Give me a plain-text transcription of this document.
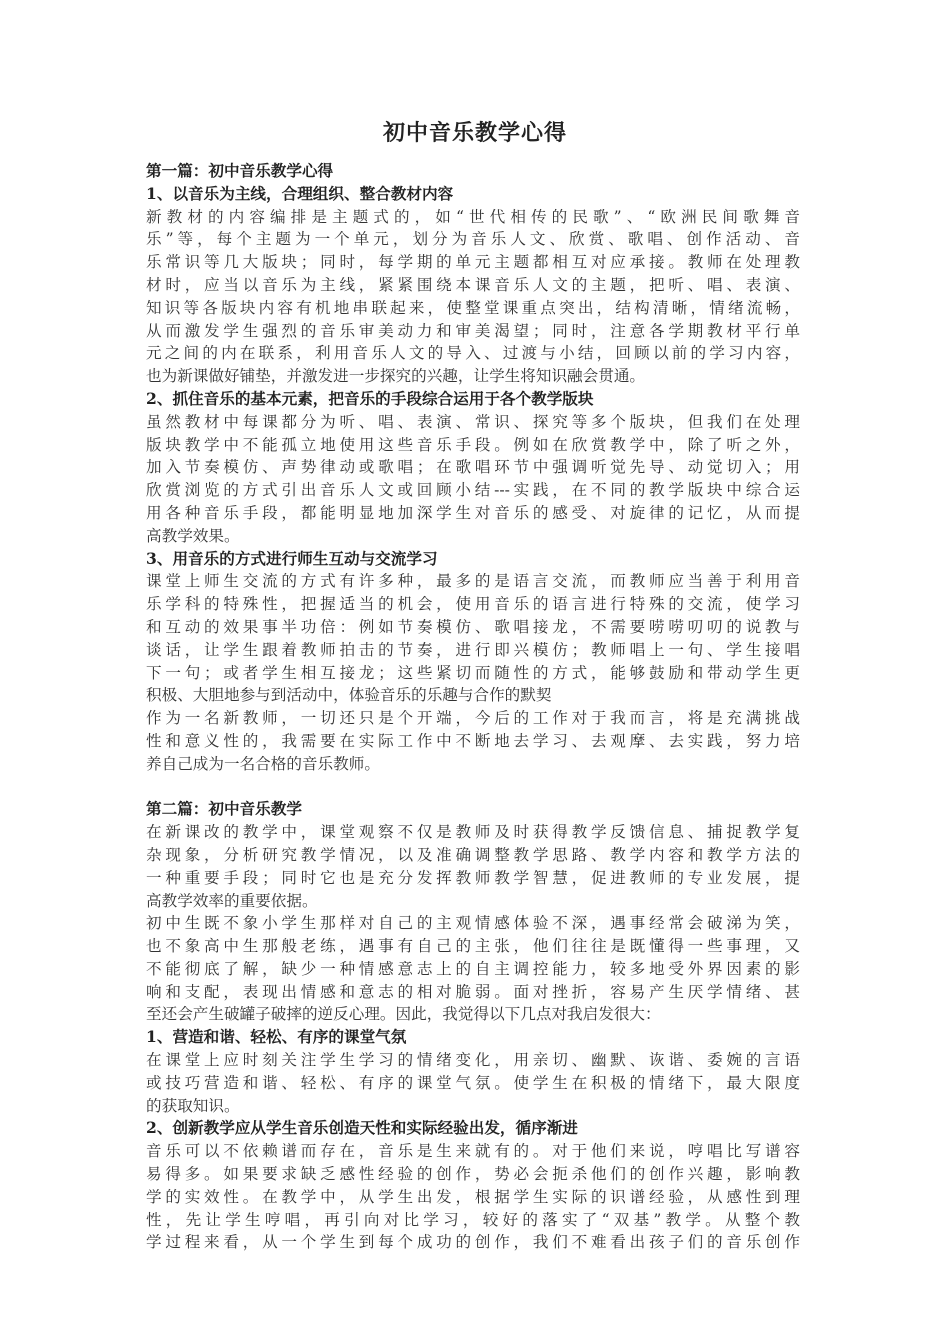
初中音乐教学心得
第一篇：初中音乐教学心得
1、以音乐为主线，合理组织、整合教材内容
新教材的内容编排是主题式的，如“世代相传的民歌”、“欧洲民间歌舞音
乐”等，每个主题为一个单元，划分为音乐人文、欣赏、歌唱、创作活动、音
乐常识等几大版块；同时，每学期的单元主题都相互对应承接。教师在处理教
材时，应当以音乐为主线，紧紧围绕本课音乐人文的主题，把听、唱、表演、
知识等各版块内容有机地串联起来，使整堂课重点突出，结构清晰，情绪流畅，
从而激发学生强烈的音乐审美动力和审美渴望；同时，注意各学期教材平行单
元之间的内在联系，利用音乐人文的导入、过渡与小结，回顾以前的学习内容，
也为新课做好铺垫，并激发进一步探究的兴趣，让学生将知识融会贯通。
2、抓住音乐的基本元素，把音乐的手段综合运用于各个教学版块
虽然教材中每课都分为听、唱、表演、常识、探究等多个版块，但我们在处理
版块教学中不能孤立地使用这些音乐手段。例如在欣赏教学中，除了听之外，
加入节奏模仿、声势律动或歌唱；在歌唱环节中强调听觉先导、动觉切入；用
欣赏浏览的方式引出音乐人文或回顾小结---实践，在不同的教学版块中综合运
用各种音乐手段，都能明显地加深学生对音乐的感受、对旋律的记忆，从而提
高教学效果。
3、用音乐的方式进行师生互动与交流学习
课堂上师生交流的方式有许多种，最多的是语言交流，而教师应当善于利用音
乐学科的特殊性，把握适当的机会，使用音乐的语言进行特殊的交流，使学习
和互动的效果事半功倍：例如节奏模仿、歌唱接龙，不需要唠唠叨叨的说教与
谈话，让学生跟着教师拍击的节奏，进行即兴模仿；教师唱上一句、学生接唱
下一句；或者学生相互接龙；这些紧切而随性的方式，能够鼓励和带动学生更
积极、大胆地参与到活动中，体验音乐的乐趣与合作的默契
作为一名新教师，一切还只是个开端，今后的工作对于我而言，将是充满挑战
性和意义性的，我需要在实际工作中不断地去学习、去观摩、去实践，努力培
养自己成为一名合格的音乐教师。
第二篇：初中音乐教学
在新课改的教学中，课堂观察不仅是教师及时获得教学反馈信息、捕捉教学复
杂现象，分析研究教学情况，以及准确调整教学思路、教学内容和教学方法的
一种重要手段；同时它也是充分发挥教师教学智慧，促进教师的专业发展，提
高教学效率的重要依据。
初中生既不象小学生那样对自己的主观情感体验不深，遇事经常会破涕为笑，
也不象高中生那般老练，遇事有自己的主张，他们往往是既懂得一些事理，又
不能彻底了解，缺少一种情感意志上的自主调控能力，较多地受外界因素的影
响和支配，表现出情感和意志的相对脆弱。面对挫折，容易产生厌学情绪、甚
至还会产生破罐子破摔的逆反心理。因此，我觉得以下几点对我启发很大：
1、营造和谐、轻松、有序的课堂气氛
在课堂上应时刻关注学生学习的情绪变化，用亲切、幽默、诙谐、委婉的言语
或技巧营造和谐、轻松、有序的课堂气氛。使学生在积极的情绪下，最大限度
的获取知识。
2、创新教学应从学生音乐创造天性和实际经验出发，循序渐进
音乐可以不依赖谱而存在，音乐是生来就有的。对于他们来说，哼唱比写谱容
易得多。如果要求缺乏感性经验的创作，势必会扼杀他们的创作兴趣，影响教
学的实效性。在教学中，从学生出发，根据学生实际的识谱经验，从感性到理
性，先让学生哼唱，再引向对比学习，较好的落实了“双基”教学。从整个教
学过程来看，从一个学生到每个成功的创作，我们不难看出孩子们的音乐创作
